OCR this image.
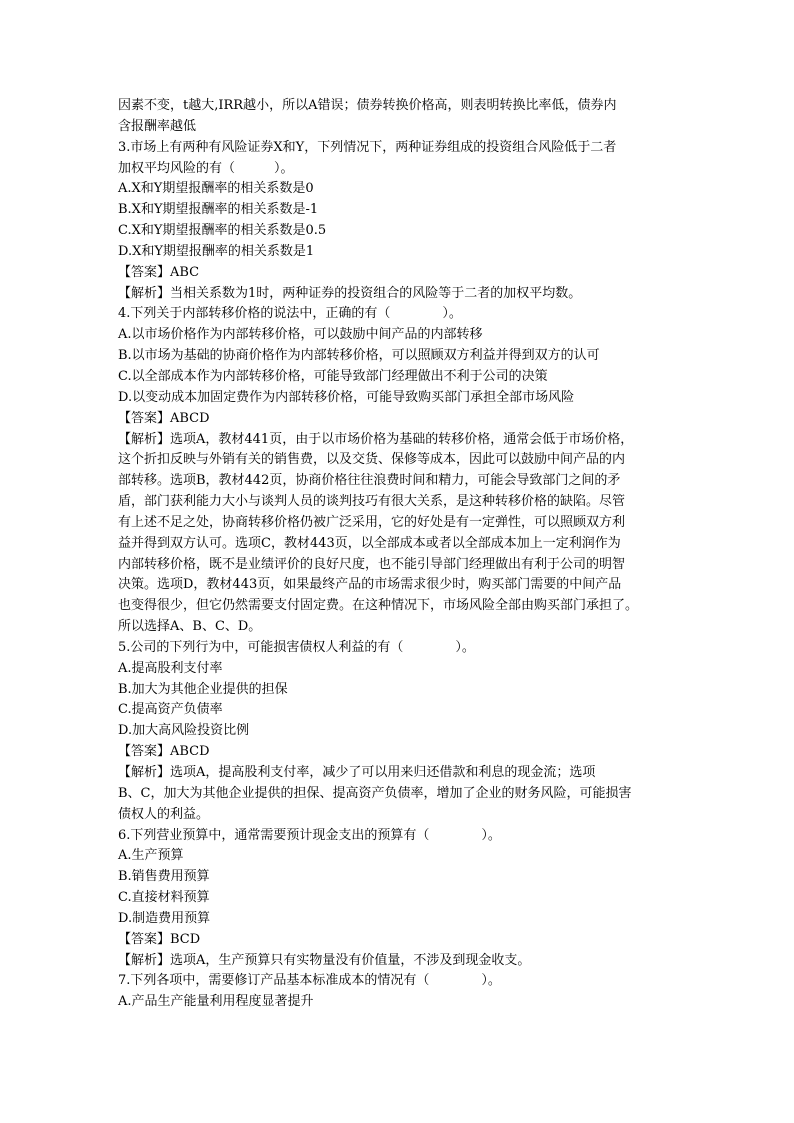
因素不变，t越大,IRR越小，所以A错误；债券转换价格高，则表明转换比率低，债券内
含报酬率越低
3.市场上有两种有风险证券X和Y，下列情况下，两种证券组成的投资组合风险低于二者
加权平均风险的有（　　　）。
A.X和Y期望报酬率的相关系数是0
B.X和Y期望报酬率的相关系数是-1
C.X和Y期望报酬率的相关系数是0.5
D.X和Y期望报酬率的相关系数是1
【答案】ABC
【解析】当相关系数为1时，两种证券的投资组合的风险等于二者的加权平均数。
4.下列关于内部转移价格的说法中，正确的有（　　　　）。
A.以市场价格作为内部转移价格，可以鼓励中间产品的内部转移
B.以市场为基础的协商价格作为内部转移价格，可以照顾双方利益并得到双方的认可
C.以全部成本作为内部转移价格，可能导致部门经理做出不利于公司的决策
D.以变动成本加固定费作为内部转移价格，可能导致购买部门承担全部市场风险
【答案】ABCD
【解析】选项A，教材441页，由于以市场价格为基础的转移价格，通常会低于市场价格，
这个折扣反映与外销有关的销售费，以及交货、保修等成本，因此可以鼓励中间产品的内
部转移。选项B，教材442页，协商价格往往浪费时间和精力，可能会导致部门之间的矛
盾，部门获利能力大小与谈判人员的谈判技巧有很大关系，是这种转移价格的缺陷。尽管
有上述不足之处，协商转移价格仍被广泛采用，它的好处是有一定弹性，可以照顾双方利
益并得到双方认可。选项C，教材443页，以全部成本或者以全部成本加上一定利润作为
内部转移价格，既不是业绩评价的良好尺度，也不能引导部门经理做出有利于公司的明智
决策。选项D，教材443页，如果最终产品的市场需求很少时，购买部门需要的中间产品
也变得很少，但它仍然需要支付固定费。在这种情况下，市场风险全部由购买部门承担了。
所以选择A、B、C、D。
5.公司的下列行为中，可能损害债权人利益的有（　　　　）。
A.提高股利支付率
B.加大为其他企业提供的担保
C.提高资产负债率
D.加大高风险投资比例
【答案】ABCD
【解析】选项A，提高股利支付率，减少了可以用来归还借款和利息的现金流；选项
B、C，加大为其他企业提供的担保、提高资产负债率，增加了企业的财务风险，可能损害
债权人的利益。
6.下列营业预算中，通常需要预计现金支出的预算有（　　　　）。
A.生产预算
B.销售费用预算
C.直接材料预算
D.制造费用预算
【答案】BCD
【解析】选项A，生产预算只有实物量没有价值量，不涉及到现金收支。
7.下列各项中，需要修订产品基本标准成本的情况有（　　　　）。
A.产品生产能量利用程度显著提升
